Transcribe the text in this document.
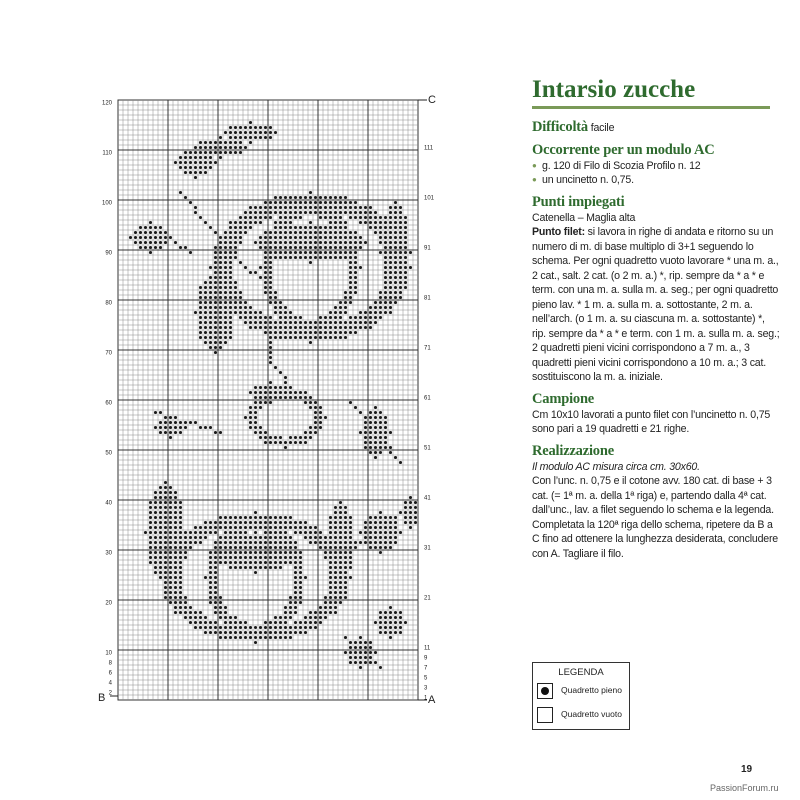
120
110
100
90
80
70
60
50
40
30
20
10
8
6
4
2
111
101
91
81
71
61
51
41
31
21
11
9
7
5
3
1
C
B	A
Intarsio zucche
Difficoltà facile
Occorrente per un modulo AC
● g. 120 di Filo di Scozia Profilo n. 12
● un uncinetto n. 0,75.
Punti impiegati
Catenella – Maglia alta
Punto filet: si lavora in righe di andata e ritorno su un numero di m. di base multiplo di 3+1 seguendo lo schema. Per ogni quadretto vuoto lavorare * una m. a., 2 cat., salt. 2 cat. (o 2 m. a.) *, rip. sempre da * a * e term. con una m. a. sulla m. a. seg.; per ogni quadretto pieno lav. * 1 m. a. sulla m. a. sottostante, 2 m. a. nell’arch. (o 1 m. a. su ciascuna m. a. sottostante) *, rip. sempre da * a * e term. con 1 m. a. sulla m. a. seg.; 2 quadretti pieni vicini corrispondono a 7 m. a., 3 quadretti pieni vicini corrispondono a 10 m. a.; 3 cat. sostituiscono la m. a. iniziale.
Campione
Cm 10x10 lavorati a punto filet con l’uncinetto n. 0,75 sono pari a 19 quadretti e 21 righe.
Realizzazione
Il modulo AC misura circa cm. 30x60.
Con l’unc. n. 0,75 e il cotone avv. 180 cat. di base + 3 cat. (= 1ª m. a. della 1ª riga) e, partendo dalla 4ª cat. dall’unc., lav. a filet seguendo lo schema e la legenda. Completata la 120ª riga dello schema, ripetere da B a C fino ad ottenere la lunghezza desiderata, concludere con A. Tagliare il filo.
LEGENDA
Quadretto pieno
Quadretto vuoto
19
PassionForum.ru
